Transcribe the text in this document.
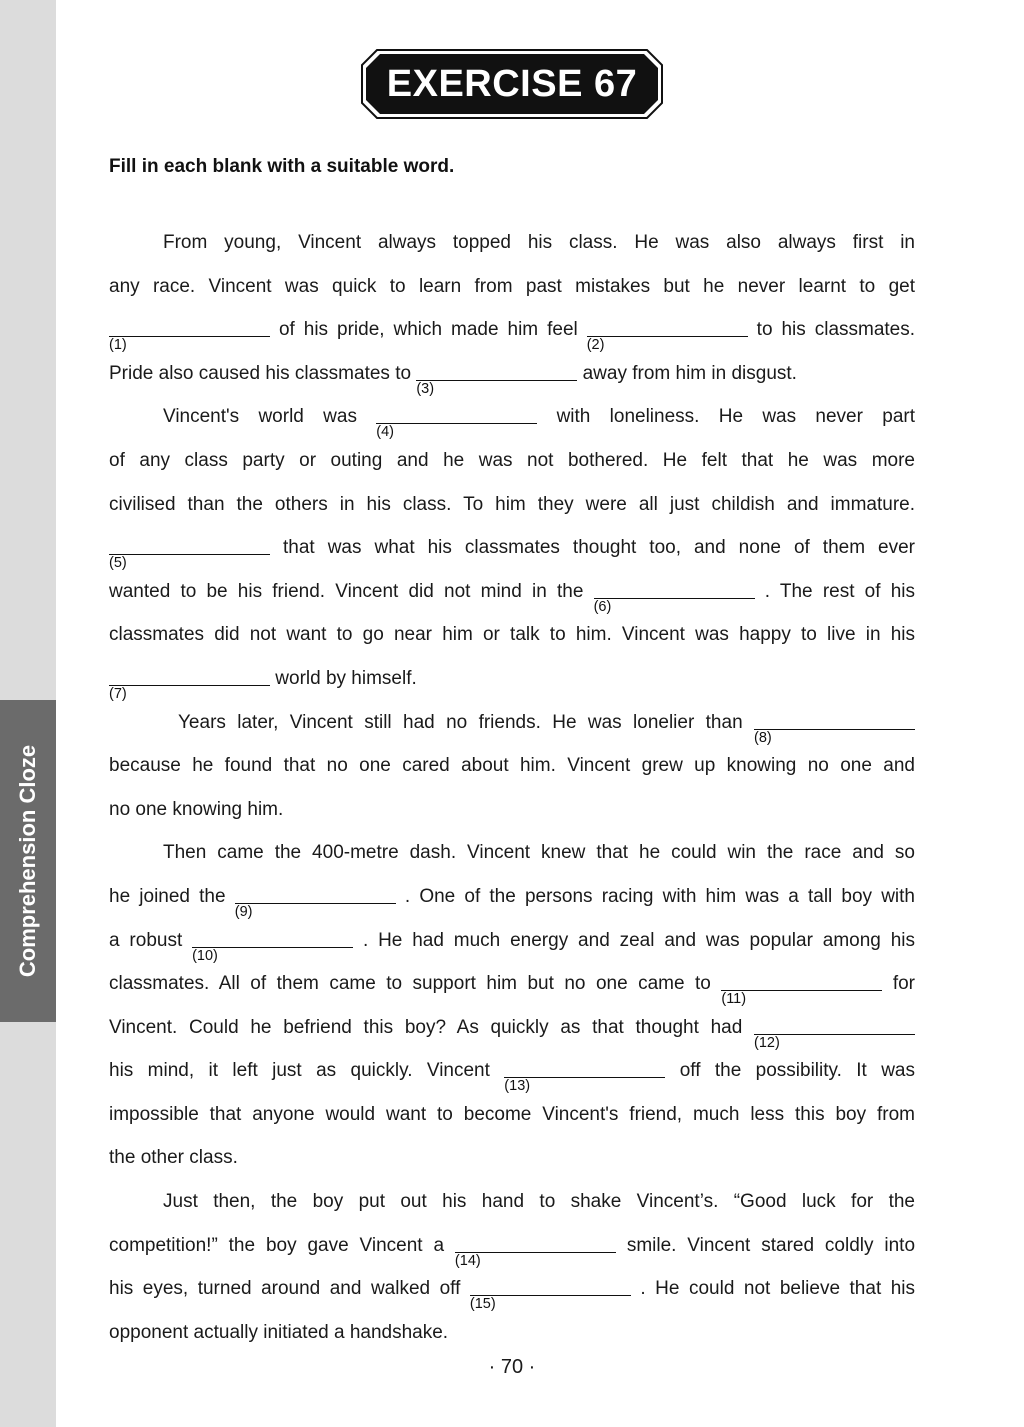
Comprehension Cloze
EXERCISE 67
Fill in each blank with a suitable word.
From young, Vincent always topped his class. He was also always first in
any race. Vincent was quick to learn from past mistakes but he never learnt to get
(1)
of his pride, which made him feel
(2)
to his classmates.
Pride also caused his classmates to
(3)
away from him in disgust.
Vincent's world was
(4)
with loneliness. He was never part
of any class party or outing and he was not bothered. He felt that he was more
civilised than the others in his class. To him they were all just childish and immature.
(5)
that was what his classmates thought too, and none of them ever
wanted to be his friend. Vincent did not mind in the
(6)
. The rest of his
classmates did not want to go near him or talk to him. Vincent was happy to live in his
(7)
world by himself.
Years later, Vincent still had no friends. He was lonelier than
(8)
because he found that no one cared about him. Vincent grew up knowing no one and
no one knowing him.
Then came the 400-metre dash. Vincent knew that he could win the race and so
he joined the
(9)
. One of the persons racing with him was a tall boy with
a robust
(10)
. He had much energy and zeal and was popular among his
classmates. All of them came to support him but no one came to
(11)
for
Vincent. Could he befriend this boy? As quickly as that thought had
(12)
his mind, it left just as quickly. Vincent
(13)
off the possibility. It was
impossible that anyone would want to become Vincent's friend, much less this boy from
the other class.
Just then, the boy put out his hand to shake Vincent’s. “Good luck for the
competition!” the boy gave Vincent a
(14)
smile. Vincent stared coldly into
his eyes, turned around and walked off
(15)
. He could not believe that his
opponent actually initiated a handshake.
· 70 ·
